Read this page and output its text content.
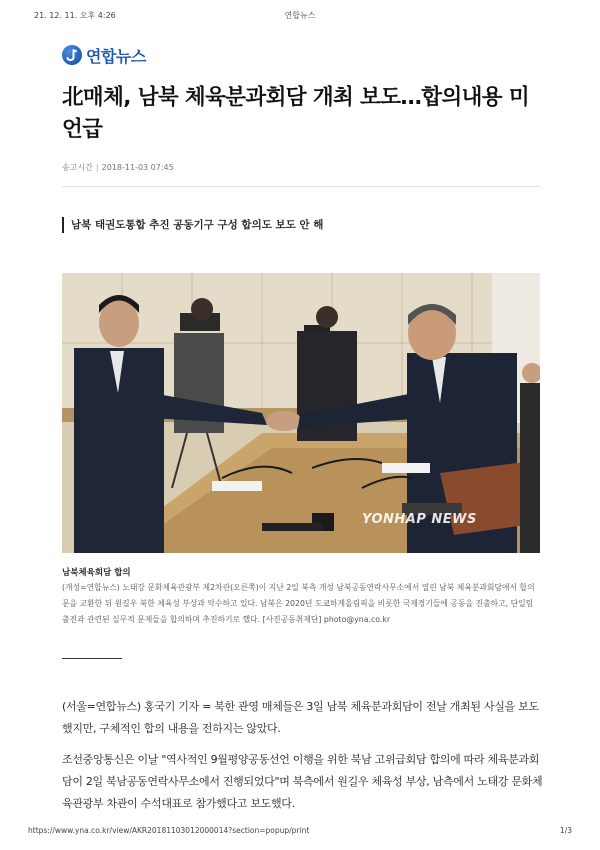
21. 12. 11. 오후 4:26	연합뉴스
연합뉴스
北매체, 남북 체육분과회담 개최 보도…합의내용 미언급
송고시간 | 2018-11-03 07:45
남북 태권도통합 추진 공동기구 구성 합의도 보도 안 해
YONHAP NEWS
남북체육회담 합의

(개성=연합뉴스) 노태강 문화체육관광부 제2차관(오른쪽)이 지난 2일 북측 개성 남북공동연락사무소에서 열린 남북 체육분과회담에서 합의문을 교환한 뒤 원길우 북한 체육성 부상과 악수하고 있다. 남북은 2020년 도쿄하계올림픽을 비롯한 국제경기들에 공동을 진출하고, 단일팀 출전과 관련된 실무적 문제들을 합의하며 추진하기로 했다. [사진공동취재단] photo@yna.co.kr

(서울=연합뉴스) 홍국기 기자 = 북한 관영 매체들은 3일 남북 체육분과회담이 전날 개최된 사실을 보도했지만, 구체적인 합의 내용을 전하지는 않았다.

조선중앙통신은 이날 "역사적인 9월평양공동선언 이행을 위한 북남 고위급회담 합의에 따라 체육분과회담이 2일 북남공동연락사무소에서 진행되었다"며 북측에서 원길우 체육성 부상, 남측에서 노태강 문화체육관광부 차관이 수석대표로 참가했다고 보도했다.

https://www.yna.co.kr/view/AKR20181103012000014?section=popup/print	1/3
